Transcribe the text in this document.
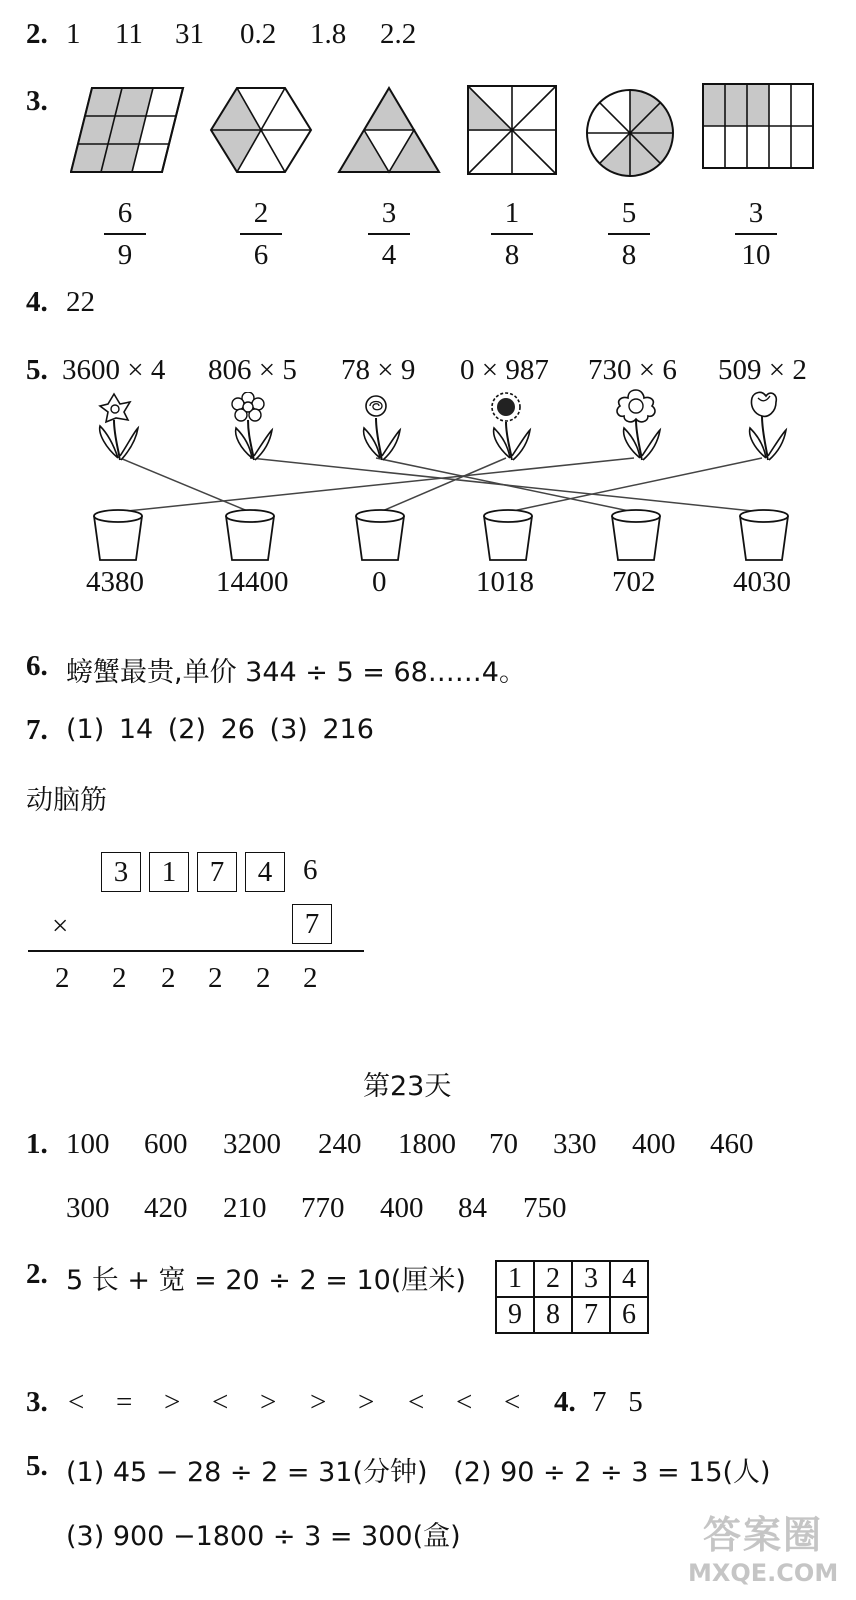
2. 1 11 31 0.2 1.8 2.2
3.
6
9
2
6
3
4
1
8
5
8
3
10
4. 22
5. 3600 × 4 806 × 5 78 × 9 0 × 987 730 × 6 509 × 2
4380 14400	0	1018	702	4030
6. 螃蟹最贵,单价 344 ÷ 5 = 68……4。
7. (1) 14 (2) 26 (3) 216
动脑筋
3	1	7	4	6
×	7
2 2 2 2 2 2
第23天
1. 100 600 3200 240 1800 70 330 400 460
300 420 210 770 400 84 750
2. 5 长 + 宽 = 20 ÷ 2 = 10(厘米) 1	2	3	4
9	8	7	6
3. < = > < > > > < < < 4. 7   5
5. (1) 45 − 28 ÷ 2 = 31(分钟)   (2) 90 ÷ 2 ÷ 3 = 15(人)
(3) 900 −1800 ÷ 3 = 300(盒)	答案圈
MXQE.COM
